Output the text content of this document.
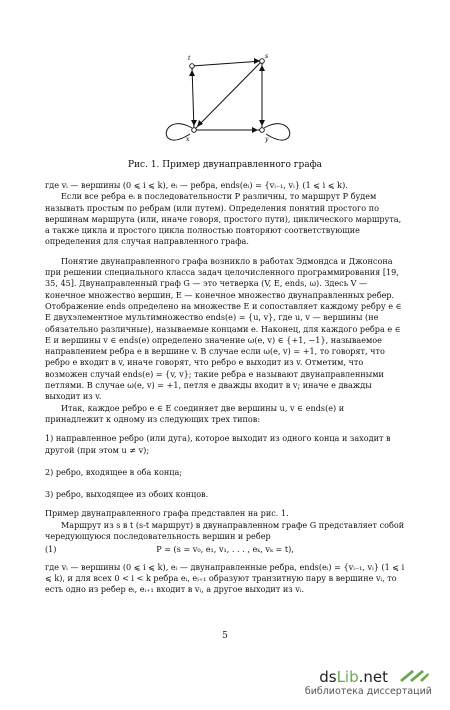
t	s
x	y
Рис. 1. Пример двунаправленного графа

где vᵢ — вершины (0 ⩽ i ⩽ k), eᵢ — ребра, ends(eᵢ) = {vᵢ₋₁, vᵢ} (1 ⩽ i ⩽ k).

Если все ребра eᵢ в последовательности P различны, то маршрут P будем называть простым по ребрам (или путем). Определения понятий простого по вершинам маршрута (или, иначе говоря, простого пути), циклического маршрута, а также цикла и простого цикла полностью повторяют соответствующие определения для случая направленного графа.

Понятие двунаправленного графа возникло в работах Эдмондса и Джонсона при решении специального класса задач целочисленного программирования [19, 35, 45]. Двунаправленный граф G — это четверка (V, E, ends, ω). Здесь V — конечное множество вершин, E — конечное множество двунаправленных ребер. Отображение ends определено на множестве E и сопоставляет каждому ребру e ∈ E двухэлементное мультимножество ends(e) = {u, v}, где u, v — вершины (не обязательно различные), называемые концами e. Наконец, для каждого ребра e ∈ E и вершины v ∈ ends(e) определено значение ω(e, v) ∈ {+1, −1}, называемое направлением ребра e в вершине v. В случае если ω(e, v) = +1, то говорят, что ребро e входит в v, иначе говорят, что ребро e выходит из v. Отметим, что возможен случай ends(e) = {v, v}; такие ребра e называют двунаправленными петлями. В случае ω(e, v) = +1, петля e дважды входит в v; иначе e дважды выходит из v.

Итак, каждое ребро e ∈ E соединяет две вершины u, v ∈ ends(e) и принадлежит к одному из следующих трех типов:

1) направленное ребро (или дуга), которое выходит из одного конца и заходит в другой (при этом u ≠ v);

2) ребро, входящее в оба конца;

3) ребро, выходящее из обоих концов.

Пример двунаправленного графа представлен на рис. 1.

Маршрут из s в t (s-t маршрут) в двунаправленном графе G представляет собой чередующуюся последовательность вершин и ребер

(1)	P = (s = v₀, e₁, v₁, . . . , eₖ, vₖ = t),

где vᵢ — вершины (0 ⩽ i ⩽ k), eᵢ — двунаправленные ребра, ends(eᵢ) = {vᵢ₋₁, vᵢ} (1 ⩽ i ⩽ k), и для всех 0 < i < k ребра eᵢ, eᵢ₊₁ образуют транзитную пару в вершине vᵢ, то есть одно из ребер eᵢ, eᵢ₊₁ входит в vᵢ, а другое выходит из vᵢ.

5
dsLib.net
библиотека диссертаций
